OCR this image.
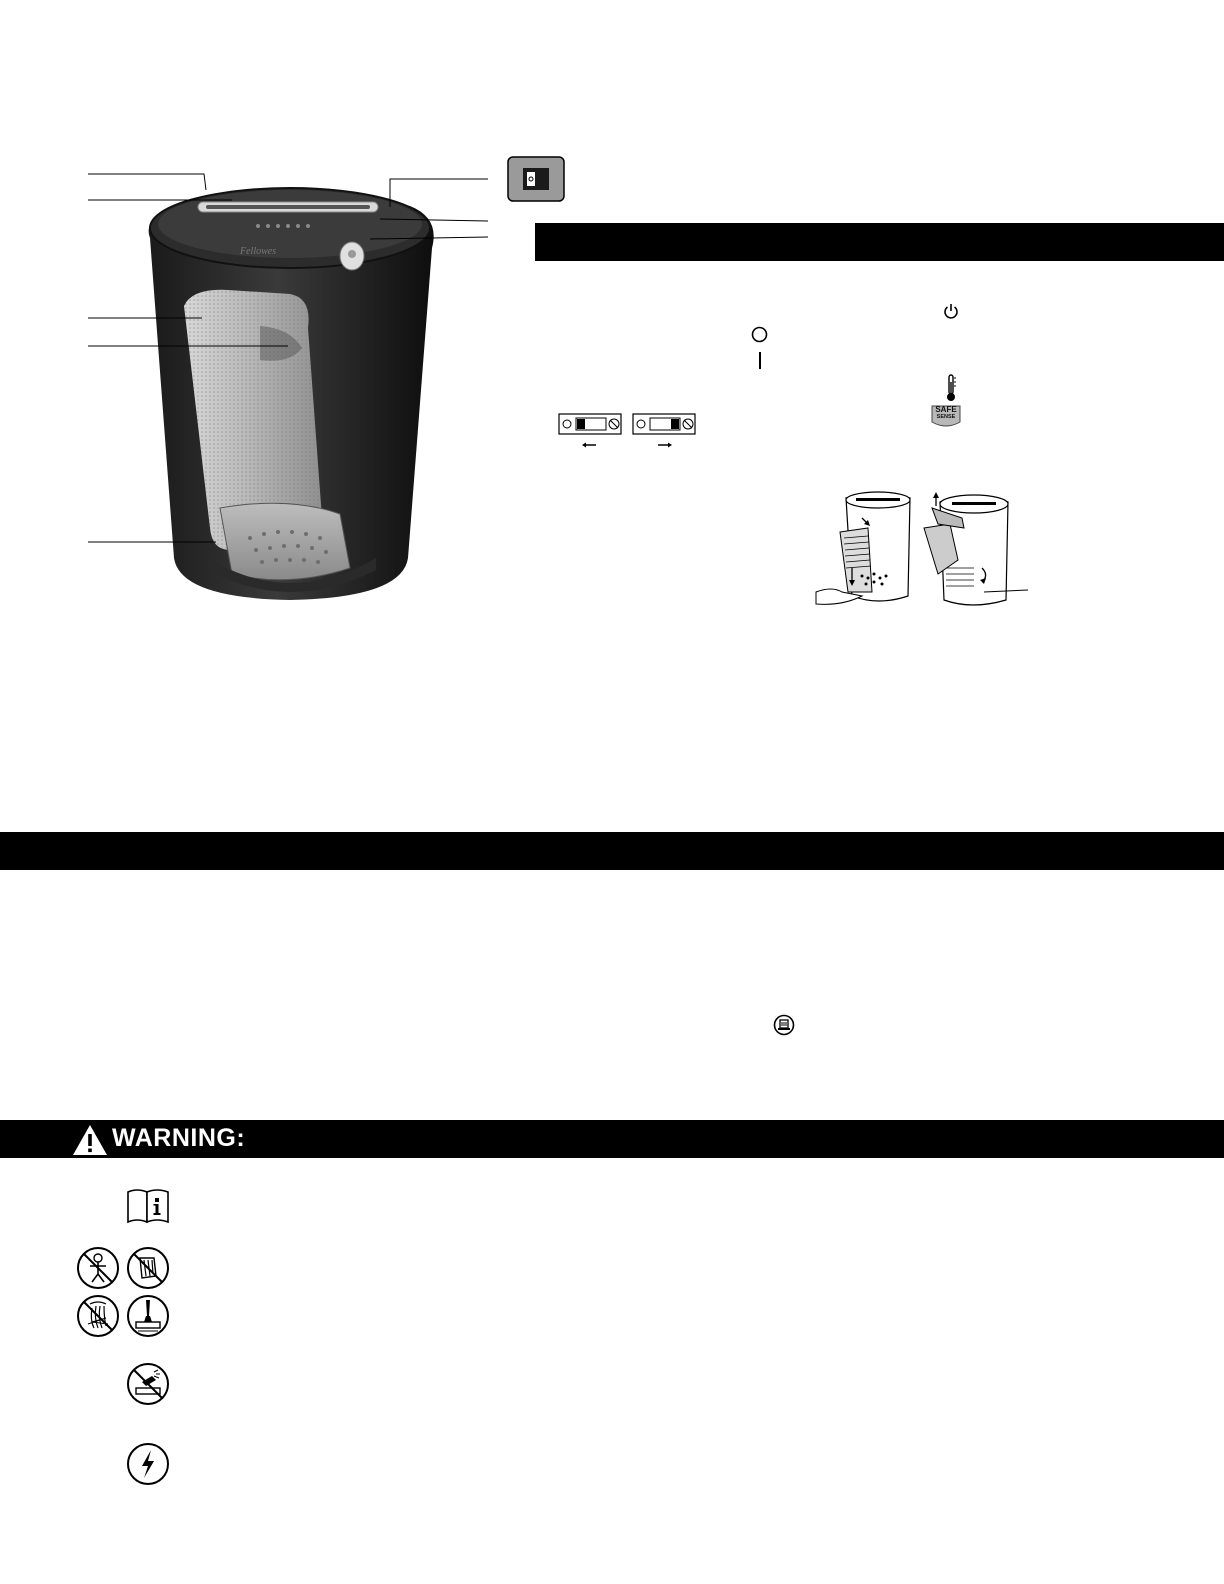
Fellowes
SAFE
SENSE
WARNING:
